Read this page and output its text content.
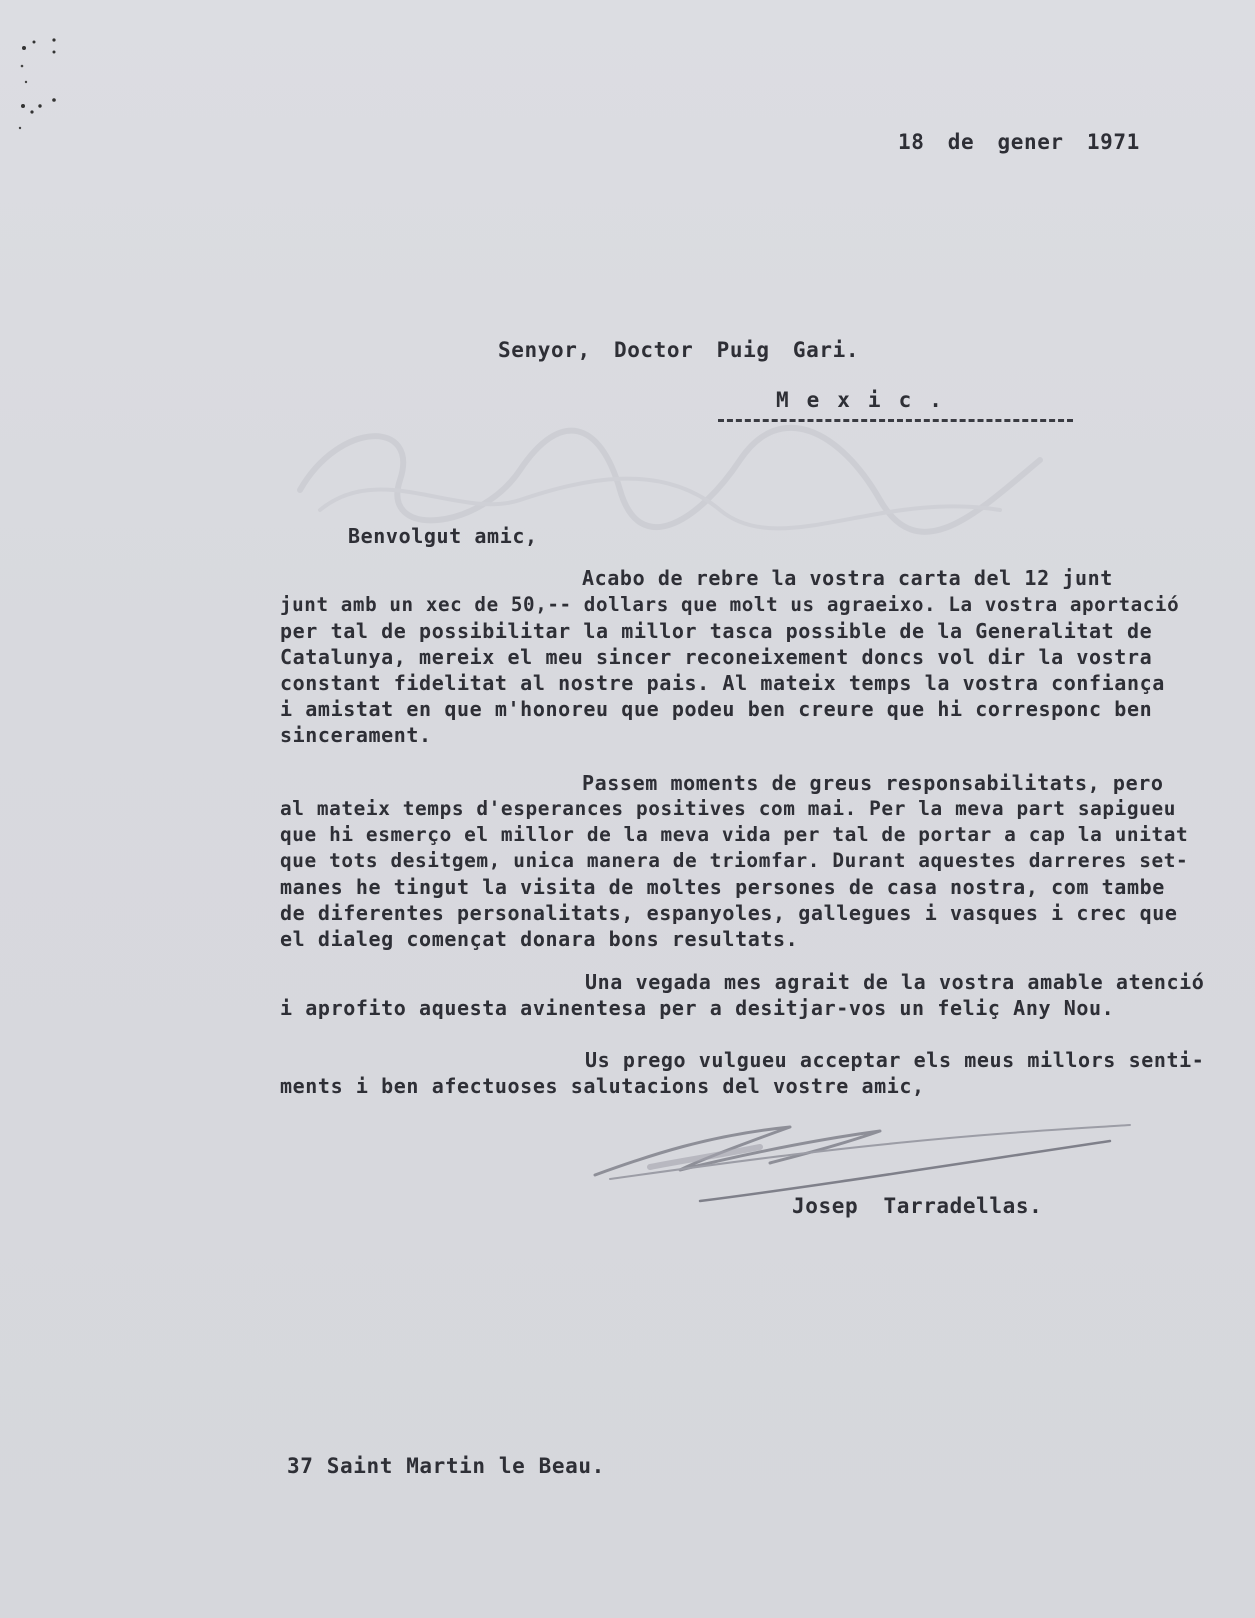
18 de gener 1971
Senyor, Doctor Puig Gari.
Mexic.
Benvolgut amic,
Acabo de rebre la vostra carta del 12 junt
junt amb un xec de 50,-- dollars que molt us agraeixo. La vostra aportació
per tal de possibilitar la millor tasca possible de la Generalitat de
Catalunya, mereix el meu sincer reconeixement doncs vol dir la vostra
constant fidelitat al nostre pais. Al mateix temps la vostra confiança
i amistat en que m'honoreu que podeu ben creure que hi corresponc ben
sincerament.
Passem moments de greus responsabilitats, pero
al mateix temps d'esperances positives com mai. Per la meva part sapigueu
que hi esmerço el millor de la meva vida per tal de portar a cap la unitat
que tots desitgem, unica manera de triomfar. Durant aquestes darreres set-
manes he tingut la visita de moltes persones de casa nostra, com tambe
de diferentes personalitats, espanyoles, gallegues i vasques i crec que
el dialeg començat donara bons resultats.
Una vegada mes agrait de la vostra amable atenció
i aprofito aquesta avinentesa per a desitjar-vos un feliç Any Nou.
Us prego vulgueu acceptar els meus millors senti-
ments i ben afectuoses salutacions del vostre amic,
Josep Tarradellas.
37 Saint Martin le Beau.
